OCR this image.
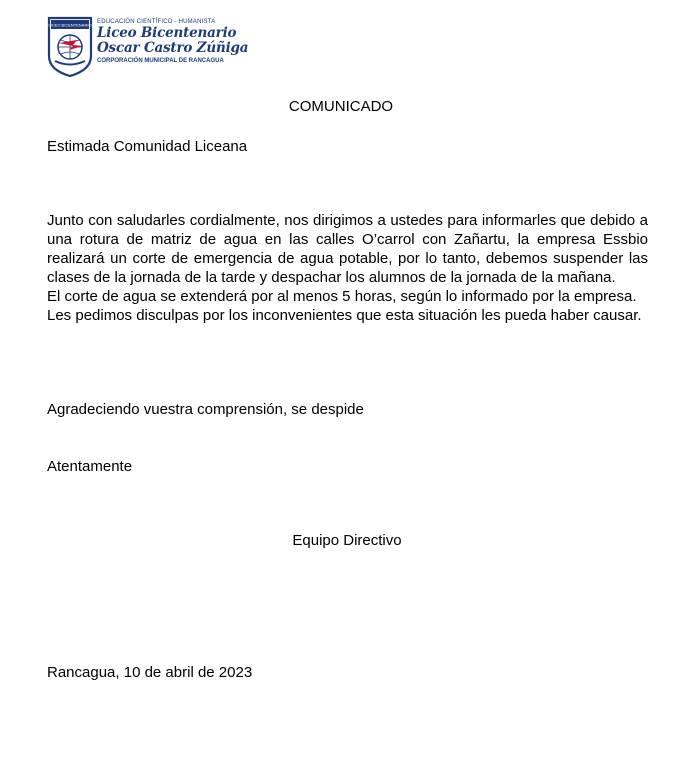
LICEO BICENTENARIO EDUCACIÓN CIENTÍFICO - HUMANISTA
Liceo Bicentenario
Oscar Castro Zúñiga
CORPORACIÓN MUNICIPAL DE RANCAGUA
COMUNICADO
Estimada Comunidad Liceana

Junto con saludarles cordialmente, nos dirigimos a ustedes para informarles que debido a una rotura de matriz de agua en las calles O’carrol con Zañartu, la empresa Essbio realizará un corte de emergencia de agua potable, por lo tanto, debemos suspender las clases de la jornada de la tarde y despachar los alumnos de la jornada de la mañana.

El corte de agua se extenderá por al menos 5 horas, según lo informado por la empresa.

Les pedimos disculpas por los inconvenientes que esta situación les pueda haber causar.

Agradeciendo vuestra comprensión, se despide
Atentamente
Equipo Directivo
Rancagua, 10 de abril de 2023
